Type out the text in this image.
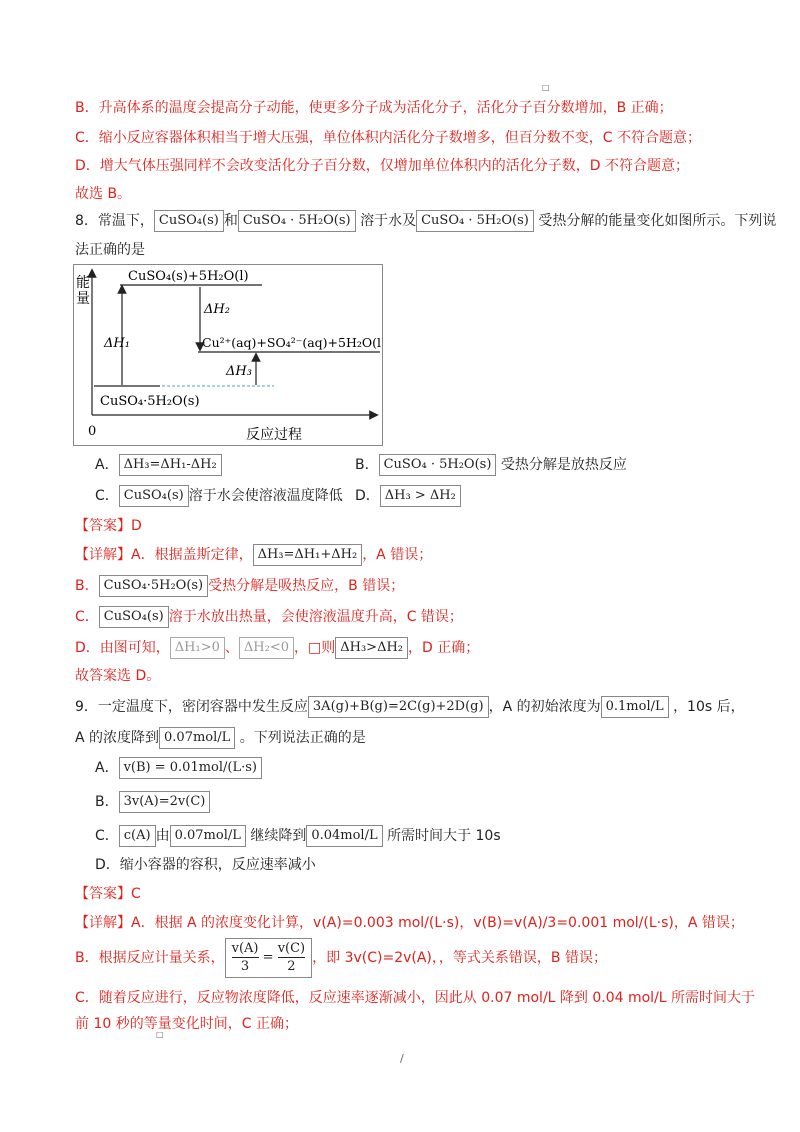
□
□
/
B．升高体系的温度会提高分子动能，使更多分子成为活化分子，活化分子百分数增加，B 正确；
C．缩小反应容器体积相当于增大压强，单位体积内活化分子数增多，但百分数不变，C 不符合题意；
D．增大气体压强同样不会改变活化分子百分数，仅增加单位体积内的活化分子数，D 不符合题意；
故选 B。
8．常温下， CuSO₄(s) 和 CuSO₄ · 5H₂O(s) 溶于水及 CuSO₄ · 5H₂O(s) 受热分解的能量变化如图所示。下列说
法正确的是
能
量
0	反应过程
CuSO₄(s)+5H₂O(l)
Cu²⁺(aq)+SO₄²⁻(aq)+5H₂O(l)
CuSO₄·5H₂O(s)
ΔH₁
ΔH₂
ΔH₃
A． ΔH₃=ΔH₁-ΔH₂	B． CuSO₄ · 5H₂O(s) 受热分解是放热反应
C． CuSO₄(s) 溶于水会使溶液温度降低 D． ΔH₃ > ΔH₂
【答案】D
【详解】A．根据盖斯定律， ΔH₃=ΔH₁+ΔH₂ ，A 错误；
B． CuSO₄·5H₂O(s) 受热分解是吸热反应，B 错误；
C． CuSO₄(s) 溶于水放出热量，会使溶液温度升高，C 错误；
D．由图可知， ΔH₁>0 、 ΔH₂<0 ，□则 ΔH₃>ΔH₂ ，D 正确；
故答案选 D。
9．一定温度下，密闭容器中发生反应 3A(g)+B(g)=2C(g)+2D(g) ，A 的初始浓度为 0.1mol/L ，10s 后，
A 的浓度降到 0.07mol/L 。下列说法正确的是
A． v(B) = 0.01mol/(L·s)
B． 3v(A)=2v(C)
C． c(A) 由 0.07mol/L 继续降到 0.04mol/L 所需时间大于 10s
D．缩小容器的容积，反应速率减小
【答案】C
【详解】A．根据 A 的浓度变化计算，v(A)=0.003 mol/(L·s)，v(B)=v(A)/3=0.001 mol/(L·s)，A 错误；
B．根据反应计量关系， $\frac{v(A)}{3} = \frac{v(C)}{2}$ ，即 3v(C)=2v(A)，，等式关系错误，B 错误；
C．随着反应进行，反应物浓度降低，反应速率逐渐减小，因此从 0.07 mol/L 降到 0.04 mol/L 所需时间大于
前 10 秒的等量变化时间，C 正确；
